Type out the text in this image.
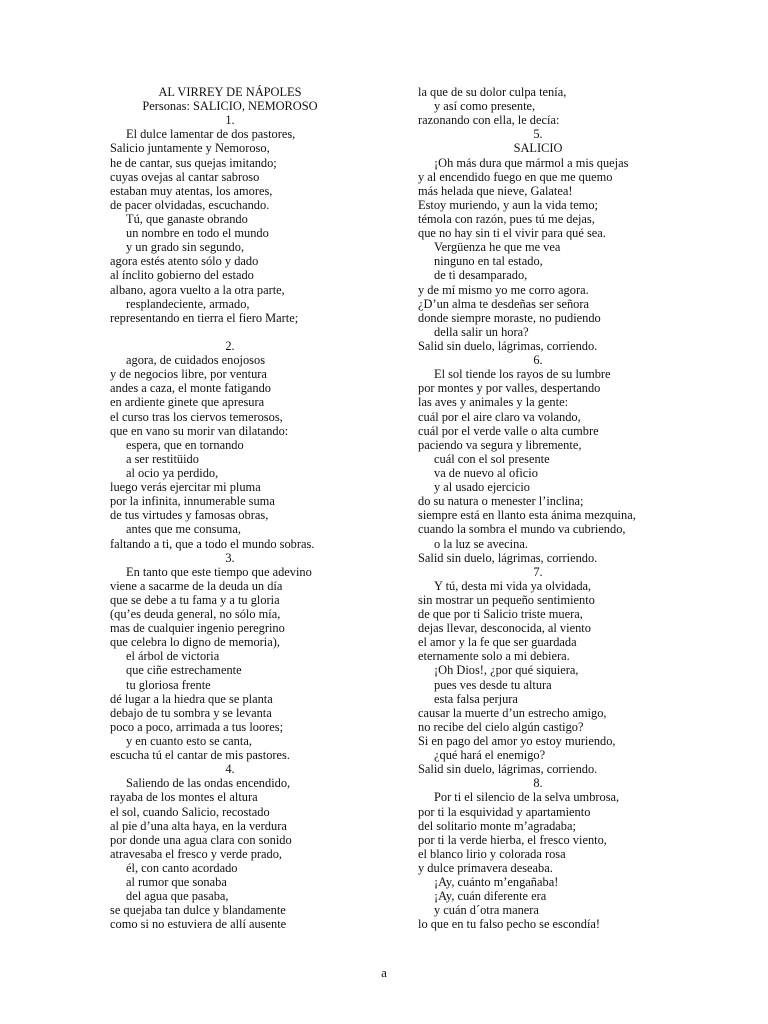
AL VIRREY DE NÁPOLES
Personas: SALICIO, NEMOROSO
1.
El dulce lamentar de dos pastores,
Salicio juntamente y Nemoroso,
he de cantar, sus quejas imitando;
cuyas ovejas al cantar sabroso
estaban muy atentas, los amores,
de pacer olvidadas, escuchando.
Tú, que ganaste obrando
un nombre en todo el mundo
y un grado sin segundo,
agora estés atento sólo y dado
al ínclito gobierno del estado
albano, agora vuelto a la otra parte,
resplandeciente, armado,
representando en tierra el fiero Marte;
2.
agora, de cuidados enojosos
y de negocios libre, por ventura
andes a caza, el monte fatigando
en ardiente ginete que apresura
el curso tras los ciervos temerosos,
que en vano su morir van dilatando:
espera, que en tornando
a ser restitüido
al ocio ya perdido,
luego verás ejercitar mi pluma
por la infinita, innumerable suma
de tus virtudes y famosas obras,
antes que me consuma,
faltando a ti, que a todo el mundo sobras.
3.
En tanto que este tiempo que adevino
viene a sacarme de la deuda un día
que se debe a tu fama y a tu gloria
(qu’es deuda general, no sólo mía,
mas de cualquier ingenio peregrino
que celebra lo digno de memoria),
el árbol de victoria
que ciñe estrechamente
tu gloriosa frente
dé lugar a la hiedra que se planta
debajo de tu sombra y se levanta
poco a poco, arrimada a tus loores;
y en cuanto esto se canta,
escucha tú el cantar de mis pastores.
4.
Saliendo de las ondas encendido,
rayaba de los montes el altura
el sol, cuando Salicio, recostado
al pie d’una alta haya, en la verdura
por donde una agua clara con sonido
atravesaba el fresco y verde prado,
él, con canto acordado
al rumor que sonaba
del agua que pasaba,
se quejaba tan dulce y blandamente
como si no estuviera de allí ausente
la que de su dolor culpa tenía,
y así como presente,
razonando con ella, le decía:
5.
SALICIO
¡Oh más dura que mármol a mis quejas
y al encendido fuego en que me quemo
más helada que nieve, Galatea!
Estoy muriendo, y aun la vida temo;
témola con razón, pues tú me dejas,
que no hay sin ti el vivir para qué sea.
Vergüenza he que me vea
ninguno en tal estado,
de ti desamparado,
y de mí mismo yo me corro agora.
¿D’un alma te desdeñas ser señora
donde siempre moraste, no pudiendo
della salir un hora?
Salid sin duelo, lágrimas, corriendo.
6.
El sol tiende los rayos de su lumbre
por montes y por valles, despertando
las aves y animales y la gente:
cuál por el aire claro va volando,
cuál por el verde valle o alta cumbre
paciendo va segura y libremente,
cuál con el sol presente
va de nuevo al oficio
y al usado ejercicio
do su natura o menester l’inclina;
siempre está en llanto esta ánima mezquina,
cuando la sombra el mundo va cubriendo,
o la luz se avecina.
Salid sin duelo, lágrimas, corriendo.
7.
Y tú, desta mi vida ya olvidada,
sin mostrar un pequeño sentimiento
de que por ti Salicio triste muera,
dejas llevar, desconocida, al viento
el amor y la fe que ser guardada
eternamente solo a mi debiera.
¡Oh Dios!, ¿por qué siquiera,
pues ves desde tu altura
esta falsa perjura
causar la muerte d’un estrecho amigo,
no recibe del cielo algún castigo?
Si en pago del amor yo estoy muriendo,
¿qué hará el enemigo?
Salid sin duelo, lágrimas, corriendo.
8.
Por ti el silencio de la selva umbrosa,
por ti la esquividad y apartamiento
del solitario monte m’agradaba;
por ti la verde hierba, el fresco viento,
el blanco lirio y colorada rosa
y dulce primavera deseaba.
¡Ay, cuánto m’engañaba!
¡Ay, cuán diferente era
y cuán d´otra manera
lo que en tu falso pecho se escondía!
a
